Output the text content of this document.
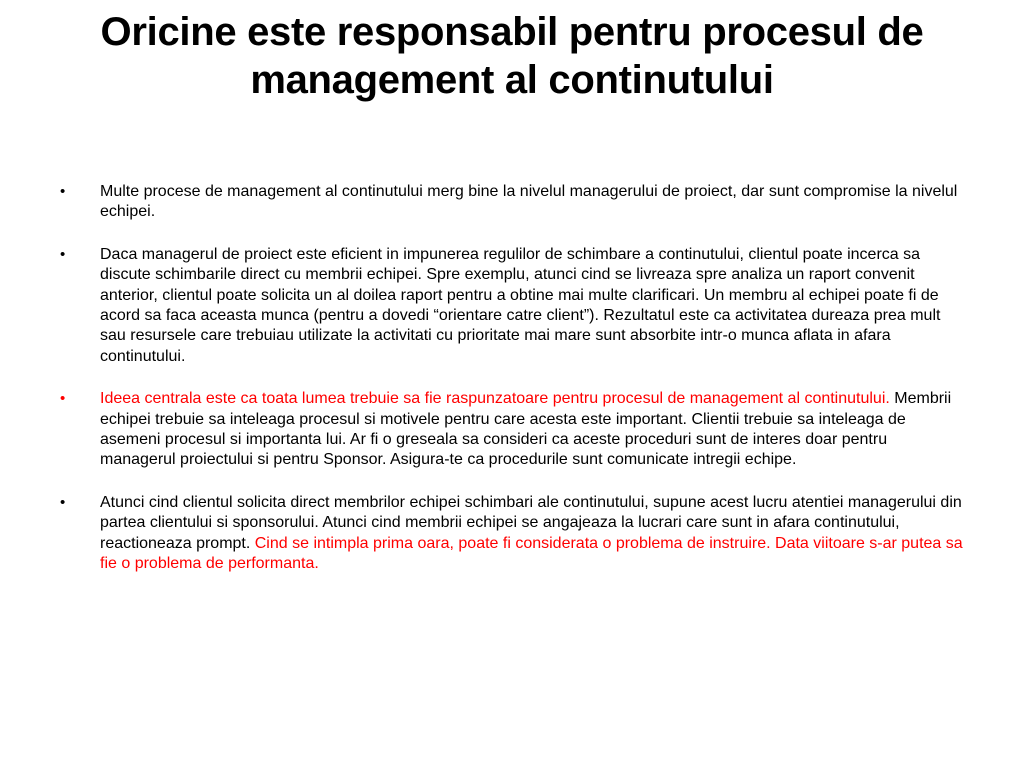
Oricine este responsabil pentru procesul de management al continutului
•	Multe procese de management al continutului merg bine la nivelul managerului de proiect, dar sunt compromise la nivelul echipei.
•	Daca managerul de proiect este eficient in impunerea regulilor de schimbare a continutului, clientul poate incerca sa discute schimbarile direct cu membrii echipei. Spre exemplu, atunci cind se livreaza spre analiza un raport convenit anterior, clientul poate solicita un al doilea raport pentru a obtine mai multe clarificari. Un membru al echipei poate fi de acord sa faca aceasta munca (pentru a dovedi “orientare catre client”). Rezultatul este ca activitatea dureaza prea mult sau resursele care trebuiau utilizate la activitati cu prioritate mai mare sunt absorbite intr-o munca aflata in afara continutului.
•	Ideea centrala este ca toata lumea trebuie sa fie raspunzatoare pentru procesul de management al continutului. Membrii echipei trebuie sa inteleaga procesul si motivele pentru care acesta este important. Clientii trebuie sa inteleaga de asemeni procesul si importanta lui. Ar fi o greseala sa consideri ca aceste proceduri sunt de interes doar pentru managerul proiectului si pentru Sponsor. Asigura-te ca procedurile sunt comunicate intregii echipe.
•	Atunci cind clientul solicita direct membrilor echipei schimbari ale continutului, supune acest lucru atentiei managerului din partea clientului si sponsorului. Atunci cind membrii echipei se angajeaza la lucrari care sunt in afara continutului, reactioneaza prompt. Cind se intimpla prima oara, poate fi considerata o problema de instruire. Data viitoare s-ar putea sa fie o problema de performanta.
